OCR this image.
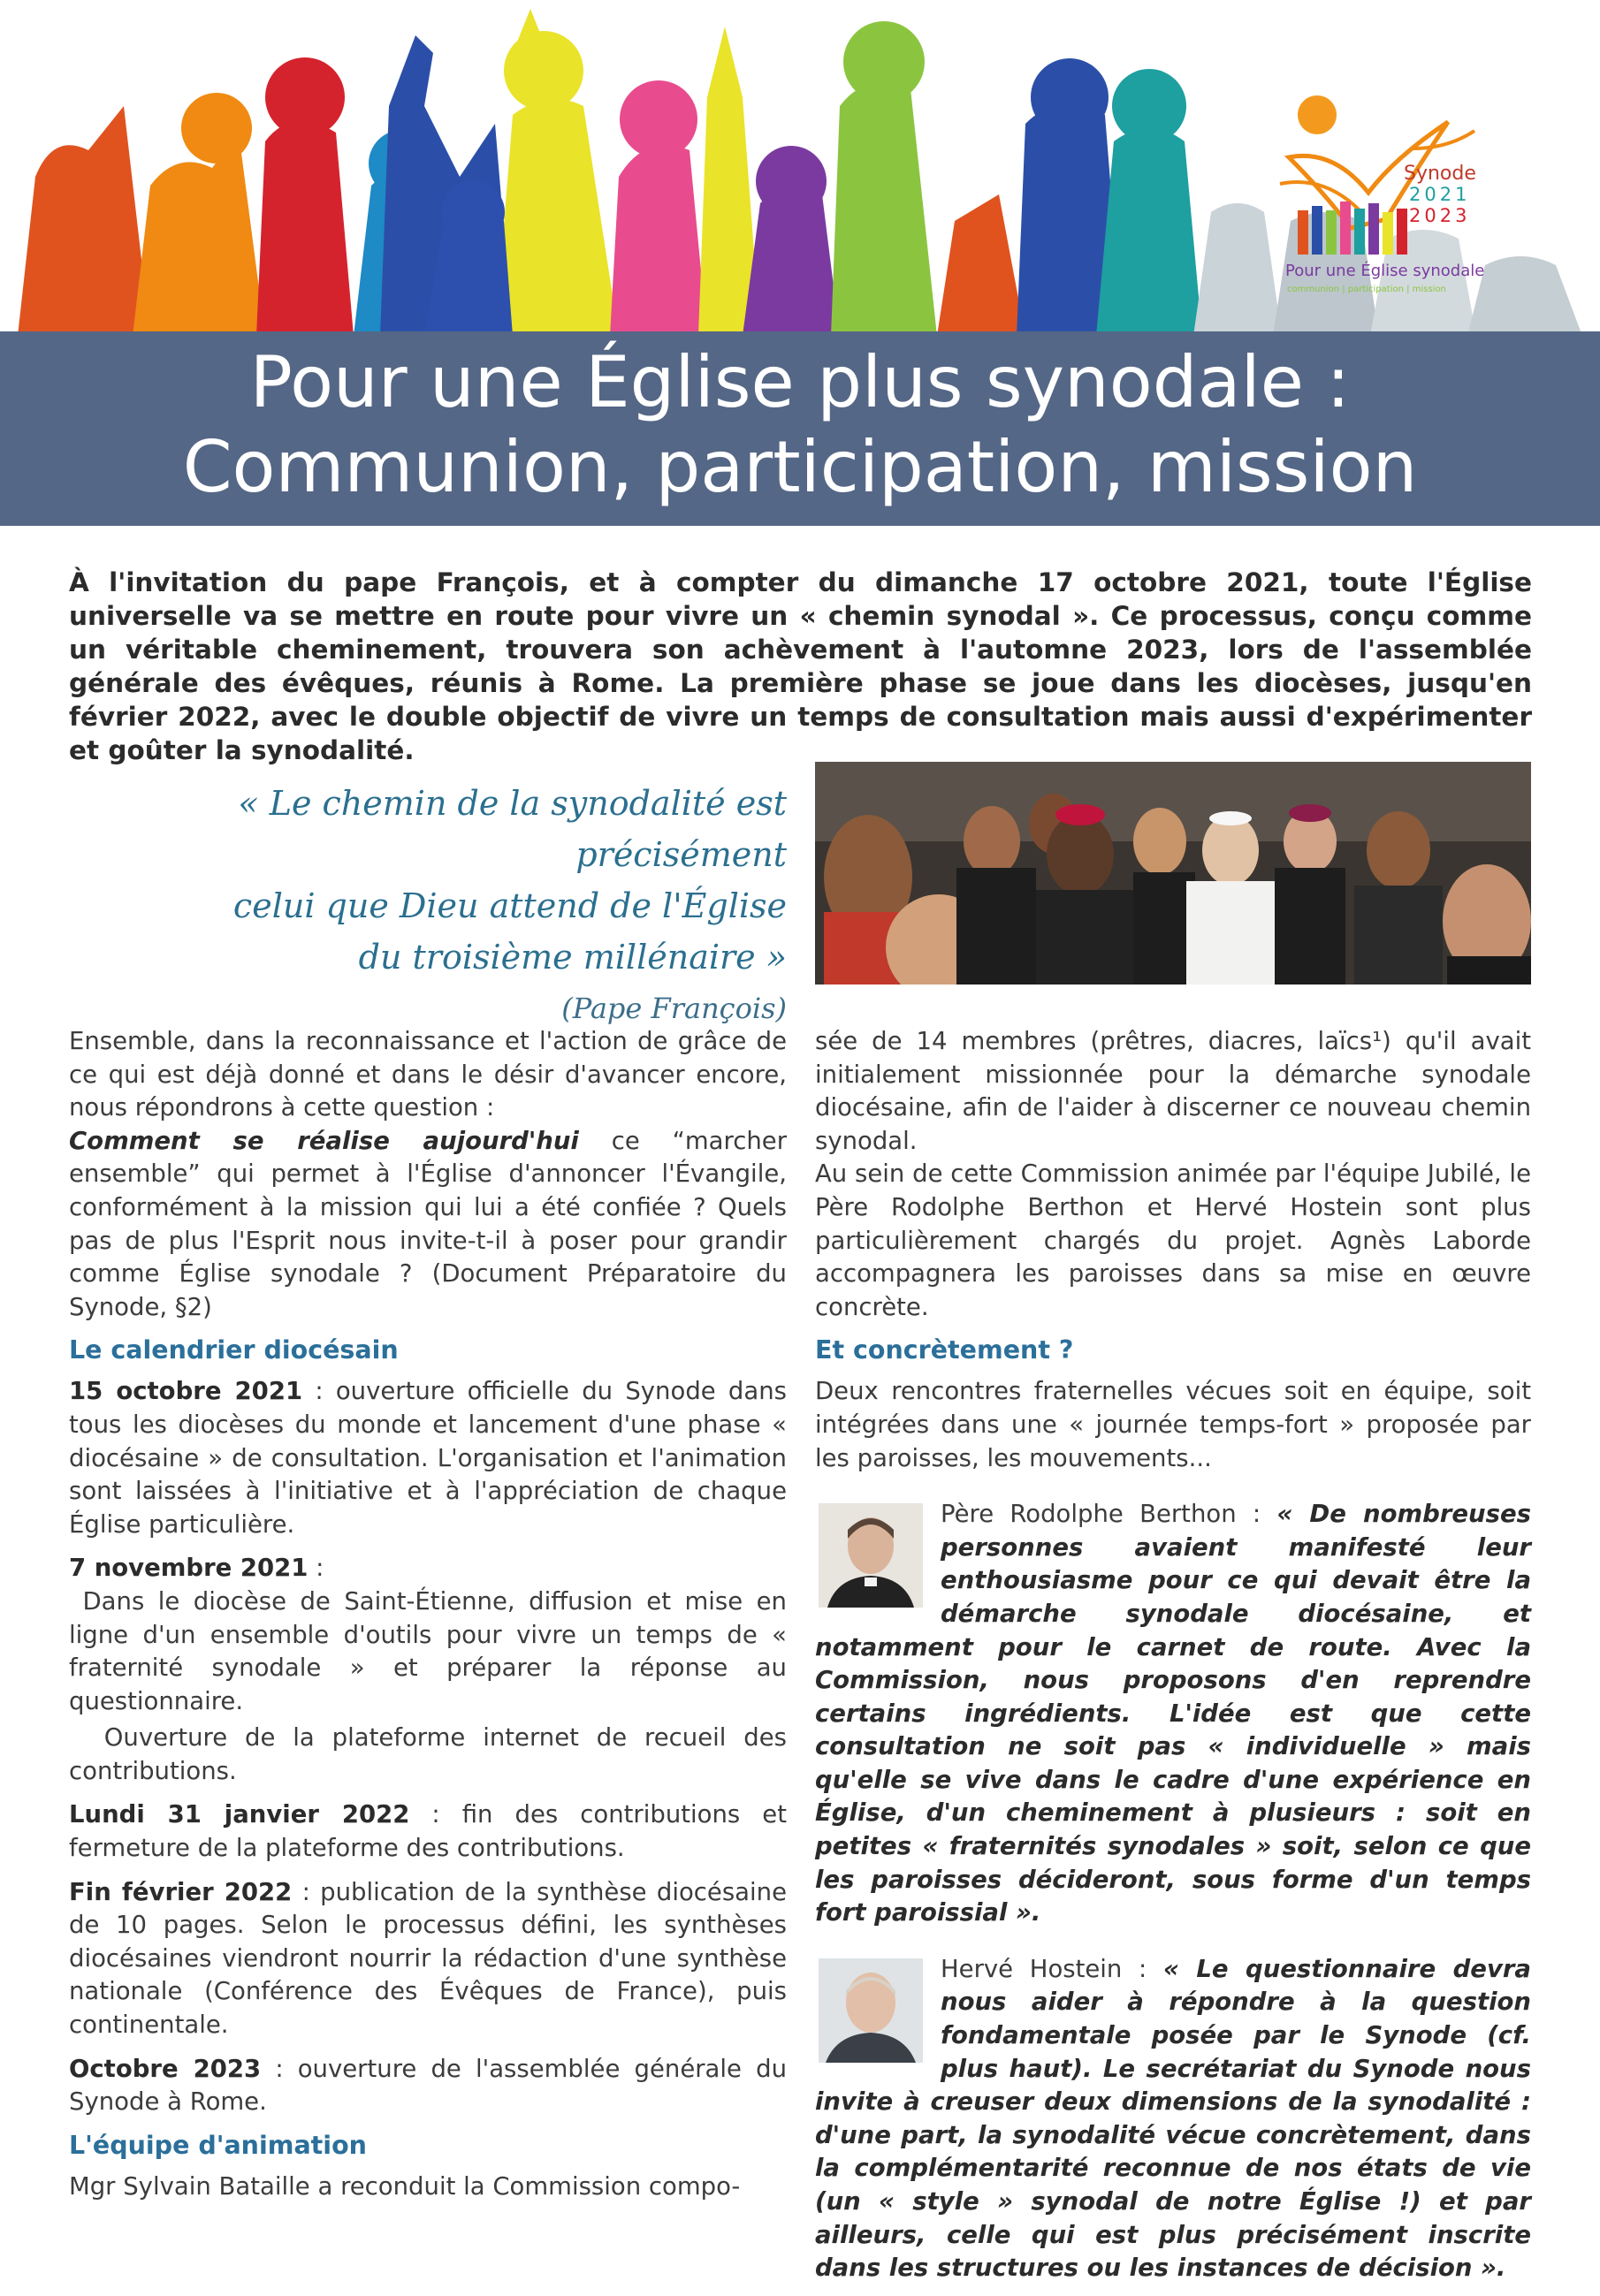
Synode
2021
2023
Pour une Église synodale
communion | participation | mission
Pour une Église plus synodale :
Communion, participation, mission

À l'invitation du pape François, et à compter du dimanche 17 octobre 2021, toute l'Église universelle va se mettre en route pour vivre un « chemin synodal ». Ce processus, conçu comme un véritable cheminement, trouvera son achèvement à l'automne 2023, lors de l'assemblée générale des évêques, réunis à Rome. La première phase se joue dans les diocèses, jusqu'en février 2022, avec le double objectif de vivre un temps de consultation mais aussi d'expérimenter et goûter la synodalité.

« Le chemin de la synodalité est précisément
celui que Dieu attend de l'Église
du troisième millénaire »
(Pape François)

Ensemble, dans la reconnaissance et l'action de grâce de ce qui est déjà donné et dans le désir d'avancer encore, nous répondrons à cette question :
Comment se réalise aujourd'hui ce “marcher ensemble” qui permet à l'Église d'annoncer l'Évangile, conformément à la mission qui lui a été confiée ? Quels pas de plus l'Esprit nous invite-t-il à poser pour grandir comme Église synodale ? (Document Préparatoire du Synode, §2)

Le calendrier diocésain

15 octobre 2021 : ouverture officielle du Synode dans tous les diocèses du monde et lancement d'une phase « diocésaine » de consultation. L'organisation et l'animation sont laissées à l'initiative et à l'appréciation de chaque Église particulière.

7 novembre 2021 :
Dans le diocèse de Saint-Étienne, diffusion et mise en ligne d'un ensemble d'outils pour vivre un temps de « fraternité synodale » et préparer la réponse au questionnaire.

Ouverture de la plateforme internet de recueil des contributions.

Lundi 31 janvier 2022 : fin des contributions et fermeture de la plateforme des contributions.

Fin février 2022 : publication de la synthèse diocésaine de 10 pages. Selon le processus défini, les synthèses diocésaines viendront nourrir la rédaction d'une synthèse nationale (Conférence des Évêques de France), puis continentale.

Octobre 2023 : ouverture de l'assemblée générale du Synode à Rome.

L'équipe d'animation

Mgr Sylvain Bataille a reconduit la Commission compo-

sée de 14 membres (prêtres, diacres, laïcs¹) qu'il avait initialement missionnée pour la démarche synodale diocésaine, afin de l'aider à discerner ce nouveau chemin synodal.

Au sein de cette Commission animée par l'équipe Jubilé, le Père Rodolphe Berthon et Hervé Hostein sont plus particulièrement chargés du projet. Agnès Laborde accompagnera les paroisses dans sa mise en œuvre concrète.

Et concrètement ?

Deux rencontres fraternelles vécues soit en équipe, soit intégrées dans une « journée temps-fort » proposée par les paroisses, les mouvements...

Père Rodolphe Berthon : « De nombreuses personnes avaient manifesté leur enthousiasme pour ce qui devait être la démarche synodale diocésaine, et notamment pour le carnet de route. Avec la Commission, nous proposons d'en reprendre certains ingrédients. L'idée est que cette consultation ne soit pas « individuelle » mais qu'elle se vive dans le cadre d'une expérience en Église, d'un cheminement à plusieurs : soit en petites « fraternités synodales » soit, selon ce que les paroisses décideront, sous forme d'un temps fort paroissial ».

Hervé Hostein : « Le questionnaire devra nous aider à répondre à la question fondamentale posée par le Synode (cf. plus haut). Le secrétariat du Synode nous invite à creuser deux dimensions de la synodalité : d'une part, la synodalité vécue concrètement, dans la complémentarité reconnue de nos états de vie (un « style » synodal de notre Église !) et par ailleurs, celle qui est plus précisément inscrite dans les structures ou les instances de décision ».
